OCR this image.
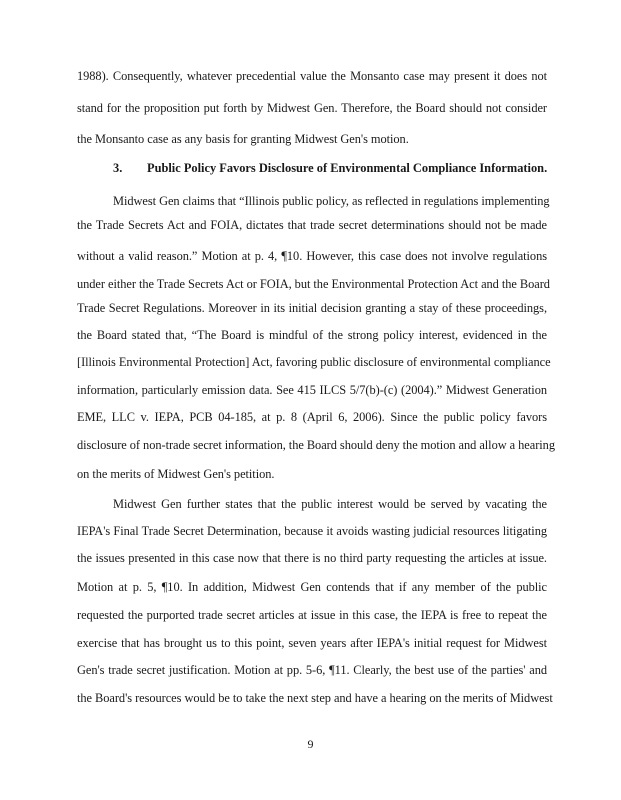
1988). Consequently, whatever precedential value the Monsanto case may present it does not
stand for the proposition put forth by Midwest Gen. Therefore, the Board should not consider
the Monsanto case as any basis for granting Midwest Gen's motion.
3. Public Policy Favors Disclosure of Environmental Compliance Information.
Midwest Gen claims that “Illinois public policy, as reflected in regulations implementing
the Trade Secrets Act and FOIA, dictates that trade secret determinations should not be made
without a valid reason.” Motion at p. 4, ¶10. However, this case does not involve regulations
under either the Trade Secrets Act or FOIA, but the Environmental Protection Act and the Board
Trade Secret Regulations. Moreover in its initial decision granting a stay of these proceedings,
the Board stated that, “The Board is mindful of the strong policy interest, evidenced in the
[Illinois Environmental Protection] Act, favoring public disclosure of environmental compliance
information, particularly emission data. See 415 ILCS 5/7(b)-(c) (2004).” Midwest Generation
EME, LLC v. IEPA, PCB 04-185, at p. 8 (April 6, 2006). Since the public policy favors
disclosure of non-trade secret information, the Board should deny the motion and allow a hearing
on the merits of Midwest Gen's petition.
Midwest Gen further states that the public interest would be served by vacating the
IEPA's Final Trade Secret Determination, because it avoids wasting judicial resources litigating
the issues presented in this case now that there is no third party requesting the articles at issue.
Motion at p. 5, ¶10. In addition, Midwest Gen contends that if any member of the public
requested the purported trade secret articles at issue in this case, the IEPA is free to repeat the
exercise that has brought us to this point, seven years after IEPA's initial request for Midwest
Gen's trade secret justification. Motion at pp. 5-6, ¶11. Clearly, the best use of the parties' and
the Board's resources would be to take the next step and have a hearing on the merits of Midwest
9
